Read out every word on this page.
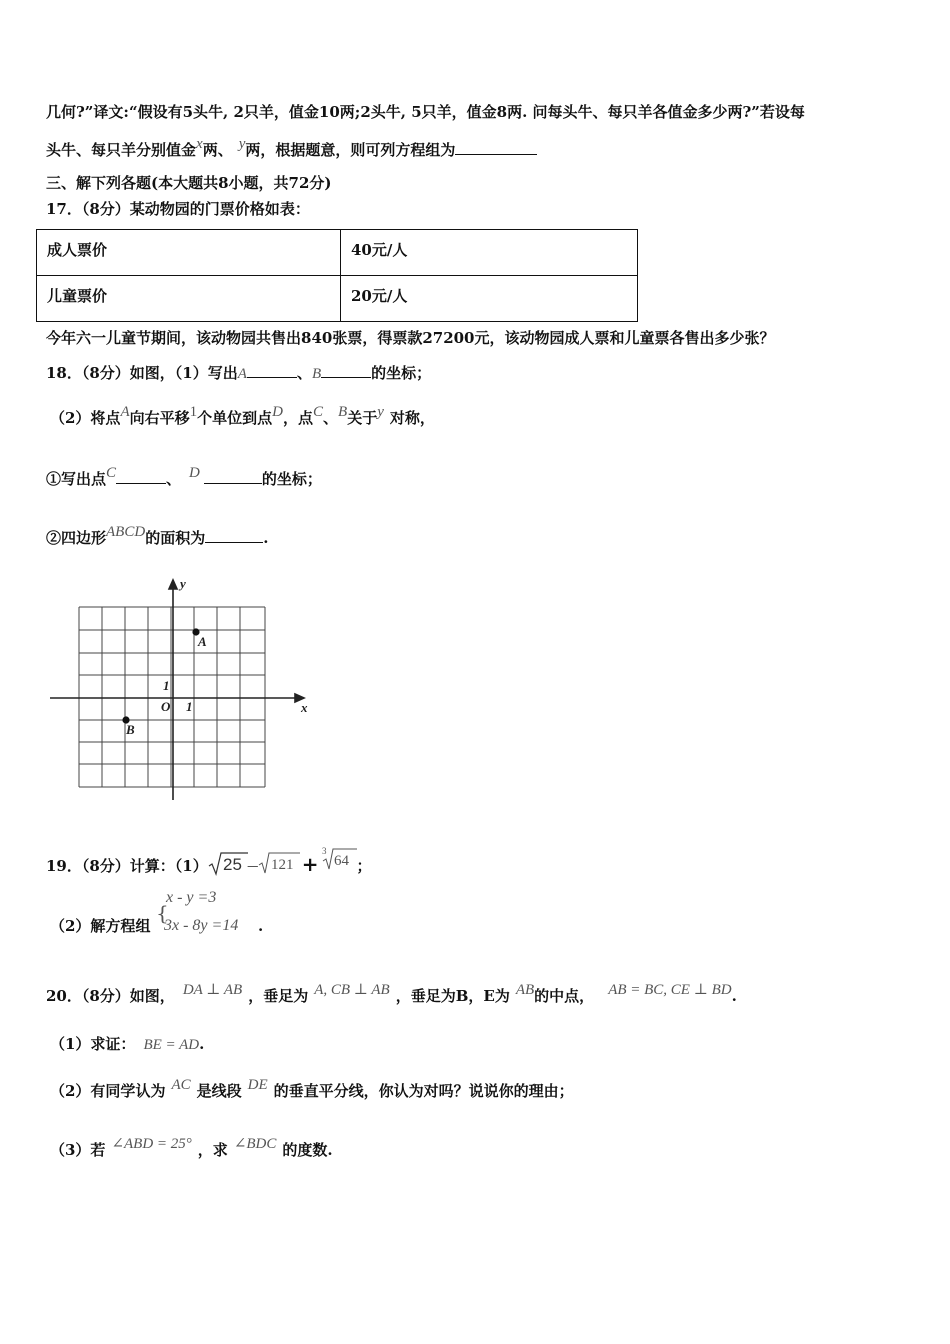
几何?”译文:“假设有5头牛, 2只羊，值金10两;2头牛, 5只羊，值金8两. 问每头牛、每只羊各值金多少两?”若设每
头牛、每只羊分别值金x两、 y两，根据题意，则可列方程组为
三、解下列各题(本大题共8小题，共72分)
17．（8分）某动物园的门票价格如表：
成人票价	40元/人
儿童票价	20元/人
今年六一儿童节期间，该动物园共售出840张票，得票款27200元，该动物园成人票和儿童票各售出多少张？
18．（8分）如图，（1）写出A	、B	的坐标；
（2）将点A向右平移1个单位到点D，点C、B关于y 对称，
①写出点C	、 D	的坐标；
②四边形ABCD的面积为	.
y
x
O 1
1
A
B
19．（8分）计算：（1） 25 – 121 +
3
64 ；
（2）解方程组
{
x - y =3
3x - 8y =14 .
20．（8分）如图， DA ⊥ AB ，垂足为 A, CB ⊥ AB ，垂足为B，E为 AB的中点， AB = BC, CE ⊥ BD.
（1）求证： BE = AD.
（2）有同学认为 AC 是线段 DE 的垂直平分线，你认为对吗？说说你的理由；
（3）若 ∠ABD = 25° ，求 ∠BDC 的度数.
